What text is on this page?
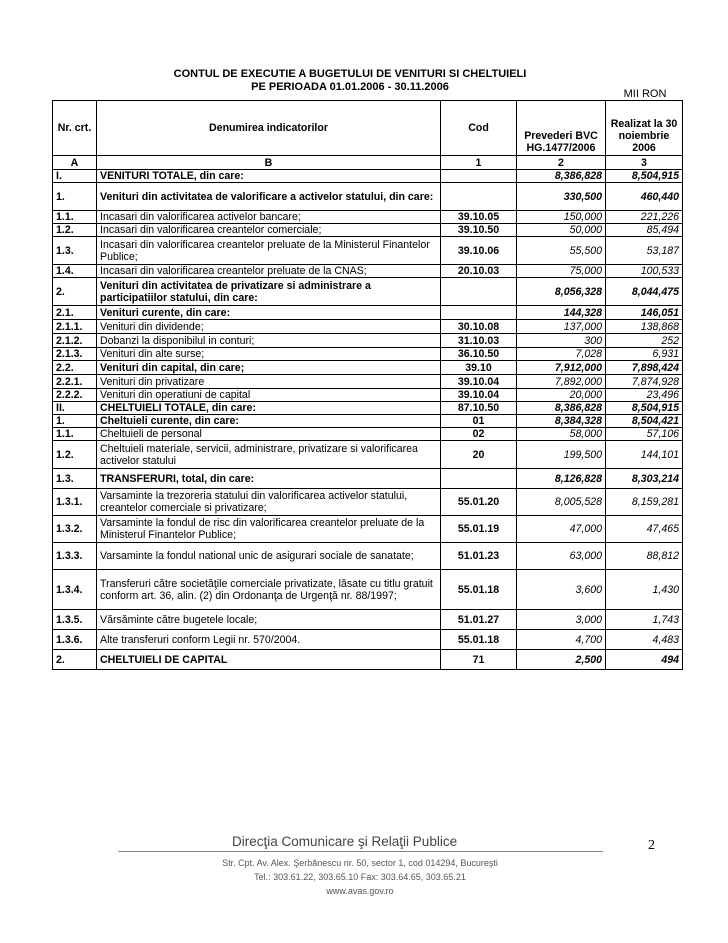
CONTUL DE EXECUTIE A BUGETULUI DE VENITURI SI CHELTUIELI
PE PERIOADA 01.01.2006 - 30.11.2006
MII RON
Nr. crt.	Denumirea indicatorilor	Cod	Prevederi BVC HG.1477/2006	Realizat la 30 noiembrie 2006
A	B	1	2	3
I.	VENITURI TOTALE, din care:		8,386,828	8,504,915
1.	Venituri din activitatea de valorificare a activelor statului, din care:		330,500	460,440
1.1.	Incasari din valorificarea activelor bancare;	39.10.05	150,000	221,226
1.2.	Incasari din valorificarea creantelor comerciale;	39.10.50	50,000	85,494
1.3.	Incasari din valorificarea creantelor preluate de la Ministerul Finantelor Publice;	39.10.06	55,500	53,187
1.4.	Incasari din valorificarea creantelor preluate de la CNAS;	20.10.03	75,000	100,533
2.	Venituri din activitatea de privatizare si administrare a participatiilor statului, din care:		8,056,328	8,044,475
2.1.	Venituri curente, din care:		144,328	146,051
2.1.1.	Venituri din dividende;	30.10.08	137,000	138,868
2.1.2.	Dobanzi la disponibilul in conturi;	31.10.03	300	252
2.1.3.	Venituri din alte surse;	36.10.50	7,028	6,931
2.2.	Venituri din capital, din care;	39.10	7,912,000	7,898,424
2.2.1.	Venituri din privatizare	39.10.04	7,892,000	7,874,928
2.2.2.	Venituri din operatiuni de capital	39.10.04	20,000	23,496
II.	CHELTUIELI TOTALE, din care:	87.10.50	8,386,828	8,504,915
1.	Cheltuieli curente, din care:	01	8,384,328	8,504,421
1.1.	Cheltuieli de personal	02	58,000	57,106
1.2.	Cheltuieli materiale, servicii, administrare, privatizare si valorificarea activelor statului	20	199,500	144,101
1.3.	TRANSFERURI, total, din care:		8,126,828	8,303,214
1.3.1.	Varsaminte la trezoreria statului din valorificarea activelor statului, creantelor comerciale si privatizare;	55.01.20	8,005,528	8,159,281
1.3.2.	Varsaminte la fondul de risc din valorificarea creantelor preluate de la Ministerul Finantelor Publice;	55.01.19	47,000	47,465
1.3.3.	Varsaminte la fondul national unic de asigurari sociale de sanatate;	51.01.23	63,000	88,812
1.3.4.	Transferuri către societăţile comerciale privatizate, lăsate cu titlu gratuit conform art. 36, alin. (2) din Ordonanţa de Urgenţă nr. 88/1997;	55.01.18	3,600	1,430
1.3.5.	Vărsăminte către bugetele locale;	51.01.27	3,000	1,743
1.3.6.	Alte transferuri conform Legii nr. 570/2004.	55.01.18	4,700	4,483
2.	CHELTUIELI DE CAPITAL	71	2,500	494
Direcţia Comunicare şi Relaţii Publice
Str. Cpt. Av. Alex. Şerbănescu nr. 50, sector 1, cod 014294, Bucureşti
Tel.: 303.61.22, 303.65.10 Fax: 303.64.65, 303.65.21
www.avas.gov.ro
2
